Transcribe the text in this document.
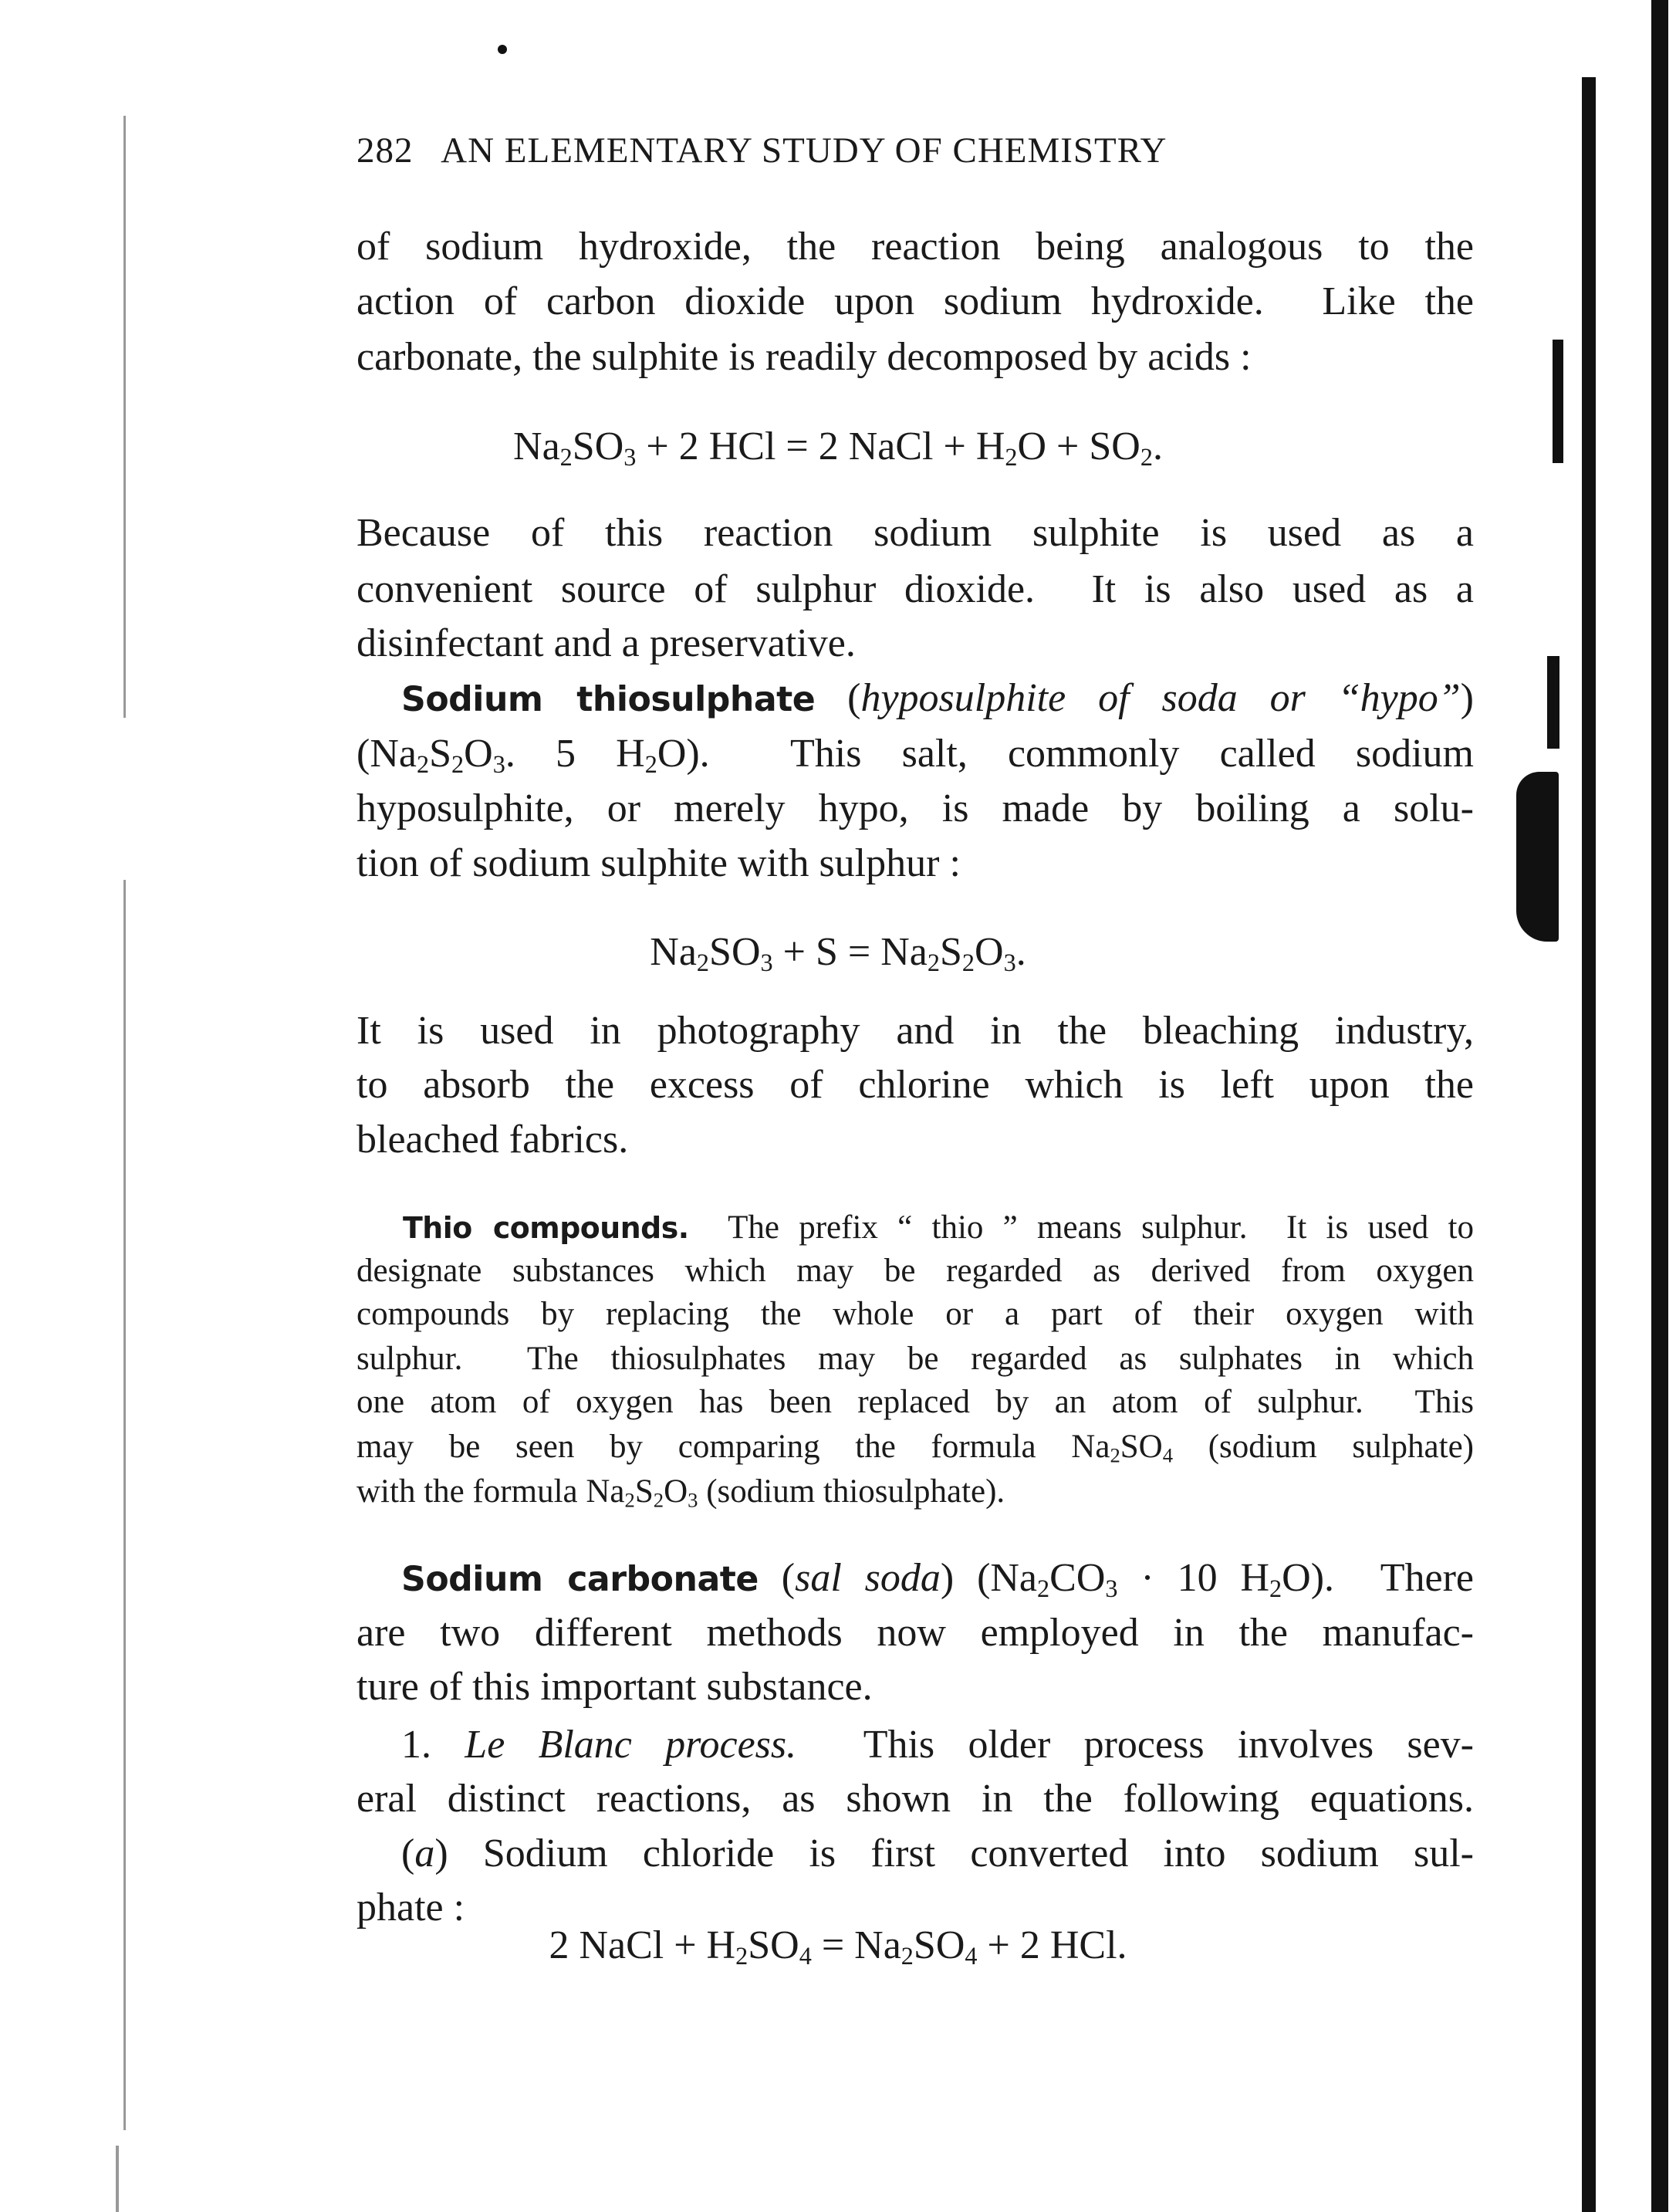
282 AN ELEMENTARY STUDY OF CHEMISTRY
of sodium hydroxide, the reaction being analogous to the
action of carbon dioxide upon sodium hydroxide.  Like the
carbonate, the sulphite is readily decomposed by acids :
$Na_2SO_3 + 2$ HCl = 2 NaCl + $H_2O + SO_2$.
Because of this reaction sodium sulphite is used as a
convenient source of sulphur dioxide.  It is also used as a
disinfectant and a preservative.
Sodium thiosulphate (hyposulphite of soda or “hypo”)
($Na_2S_2O_3$. 5 $H_2O$).  This salt, commonly called sodium
hyposulphite, or merely hypo, is made by boiling a solu-
tion of sodium sulphite with sulphur :
$Na_2SO_3 + S = Na_2S_2O_3$.
It is used in photography and in the bleaching industry,
to absorb the excess of chlorine which is left upon the
bleached fabrics.
Thio compounds.  The prefix “ thio ” means sulphur.  It is used to
designate substances which may be regarded as derived from oxygen
compounds by replacing the whole or a part of their oxygen with
sulphur.  The thiosulphates may be regarded as sulphates in which
one atom of oxygen has been replaced by an atom of sulphur.  This
may be seen by comparing the formula $Na_2SO_4$ (sodium sulphate)
with the formula $Na_2S_2O_3$ (sodium thiosulphate).
Sodium carbonate (sal soda) ($Na_2CO_3 \cdot 10$ $H_2O$).  There
are two different methods now employed in the manufac-
ture of this important substance.
1. Le Blanc process.  This older process involves sev-
eral distinct reactions, as shown in the following equations.
(a) Sodium chloride is first converted into sodium sul-
phate :
2 NaCl + $H_2SO_4 = Na_2SO_4 + 2$ HCl.
